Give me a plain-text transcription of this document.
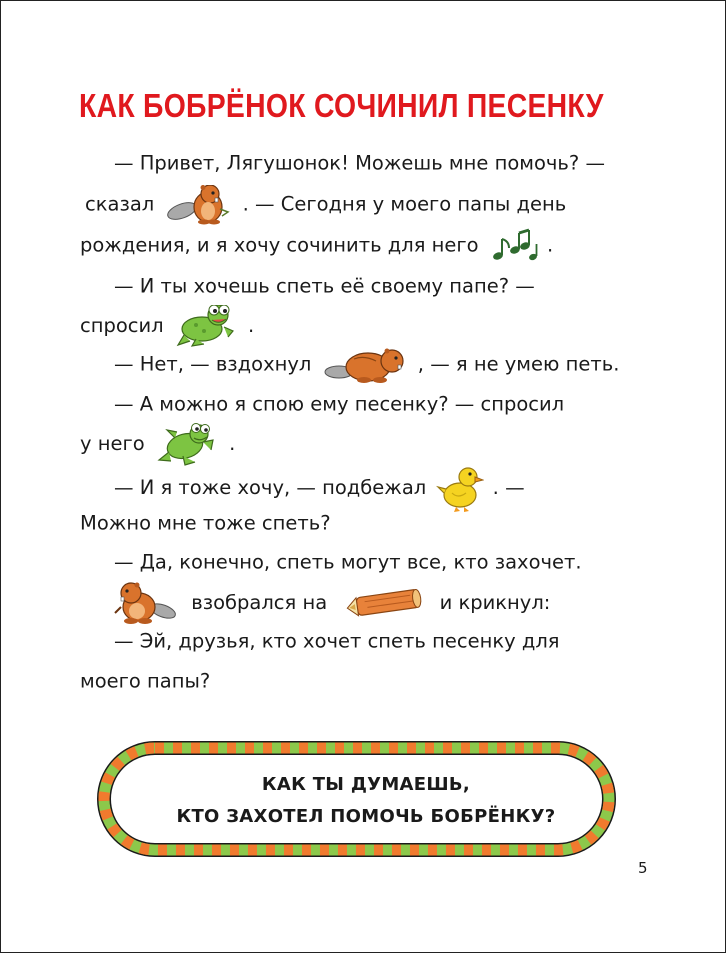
КАК БОБРЁНОК СОЧИНИЛ ПЕСЕНКУ
— Привет, Лягушонок! Можешь мне помочь? —
сказал	. — Сегодня у моего папы день
рождения, и я хочу сочинить для него	.
— И ты хочешь спеть её своему папе? —
спросил	.
— Нет, — вздохнул	, — я не умею петь.
— А можно я спою ему песенку? — спросил
у него	.
— И я тоже хочу, — подбежал	. —
Можно мне тоже спеть?
— Да, конечно, спеть могут все, кто захочет.
взобрался на	и крикнул:
— Эй, друзья, кто хочет спеть песенку для
моего папы?
КАК ТЫ ДУМАЕШЬ,
КТО ЗАХОТЕЛ ПОМОЧЬ БОБРЁНКУ?
5
